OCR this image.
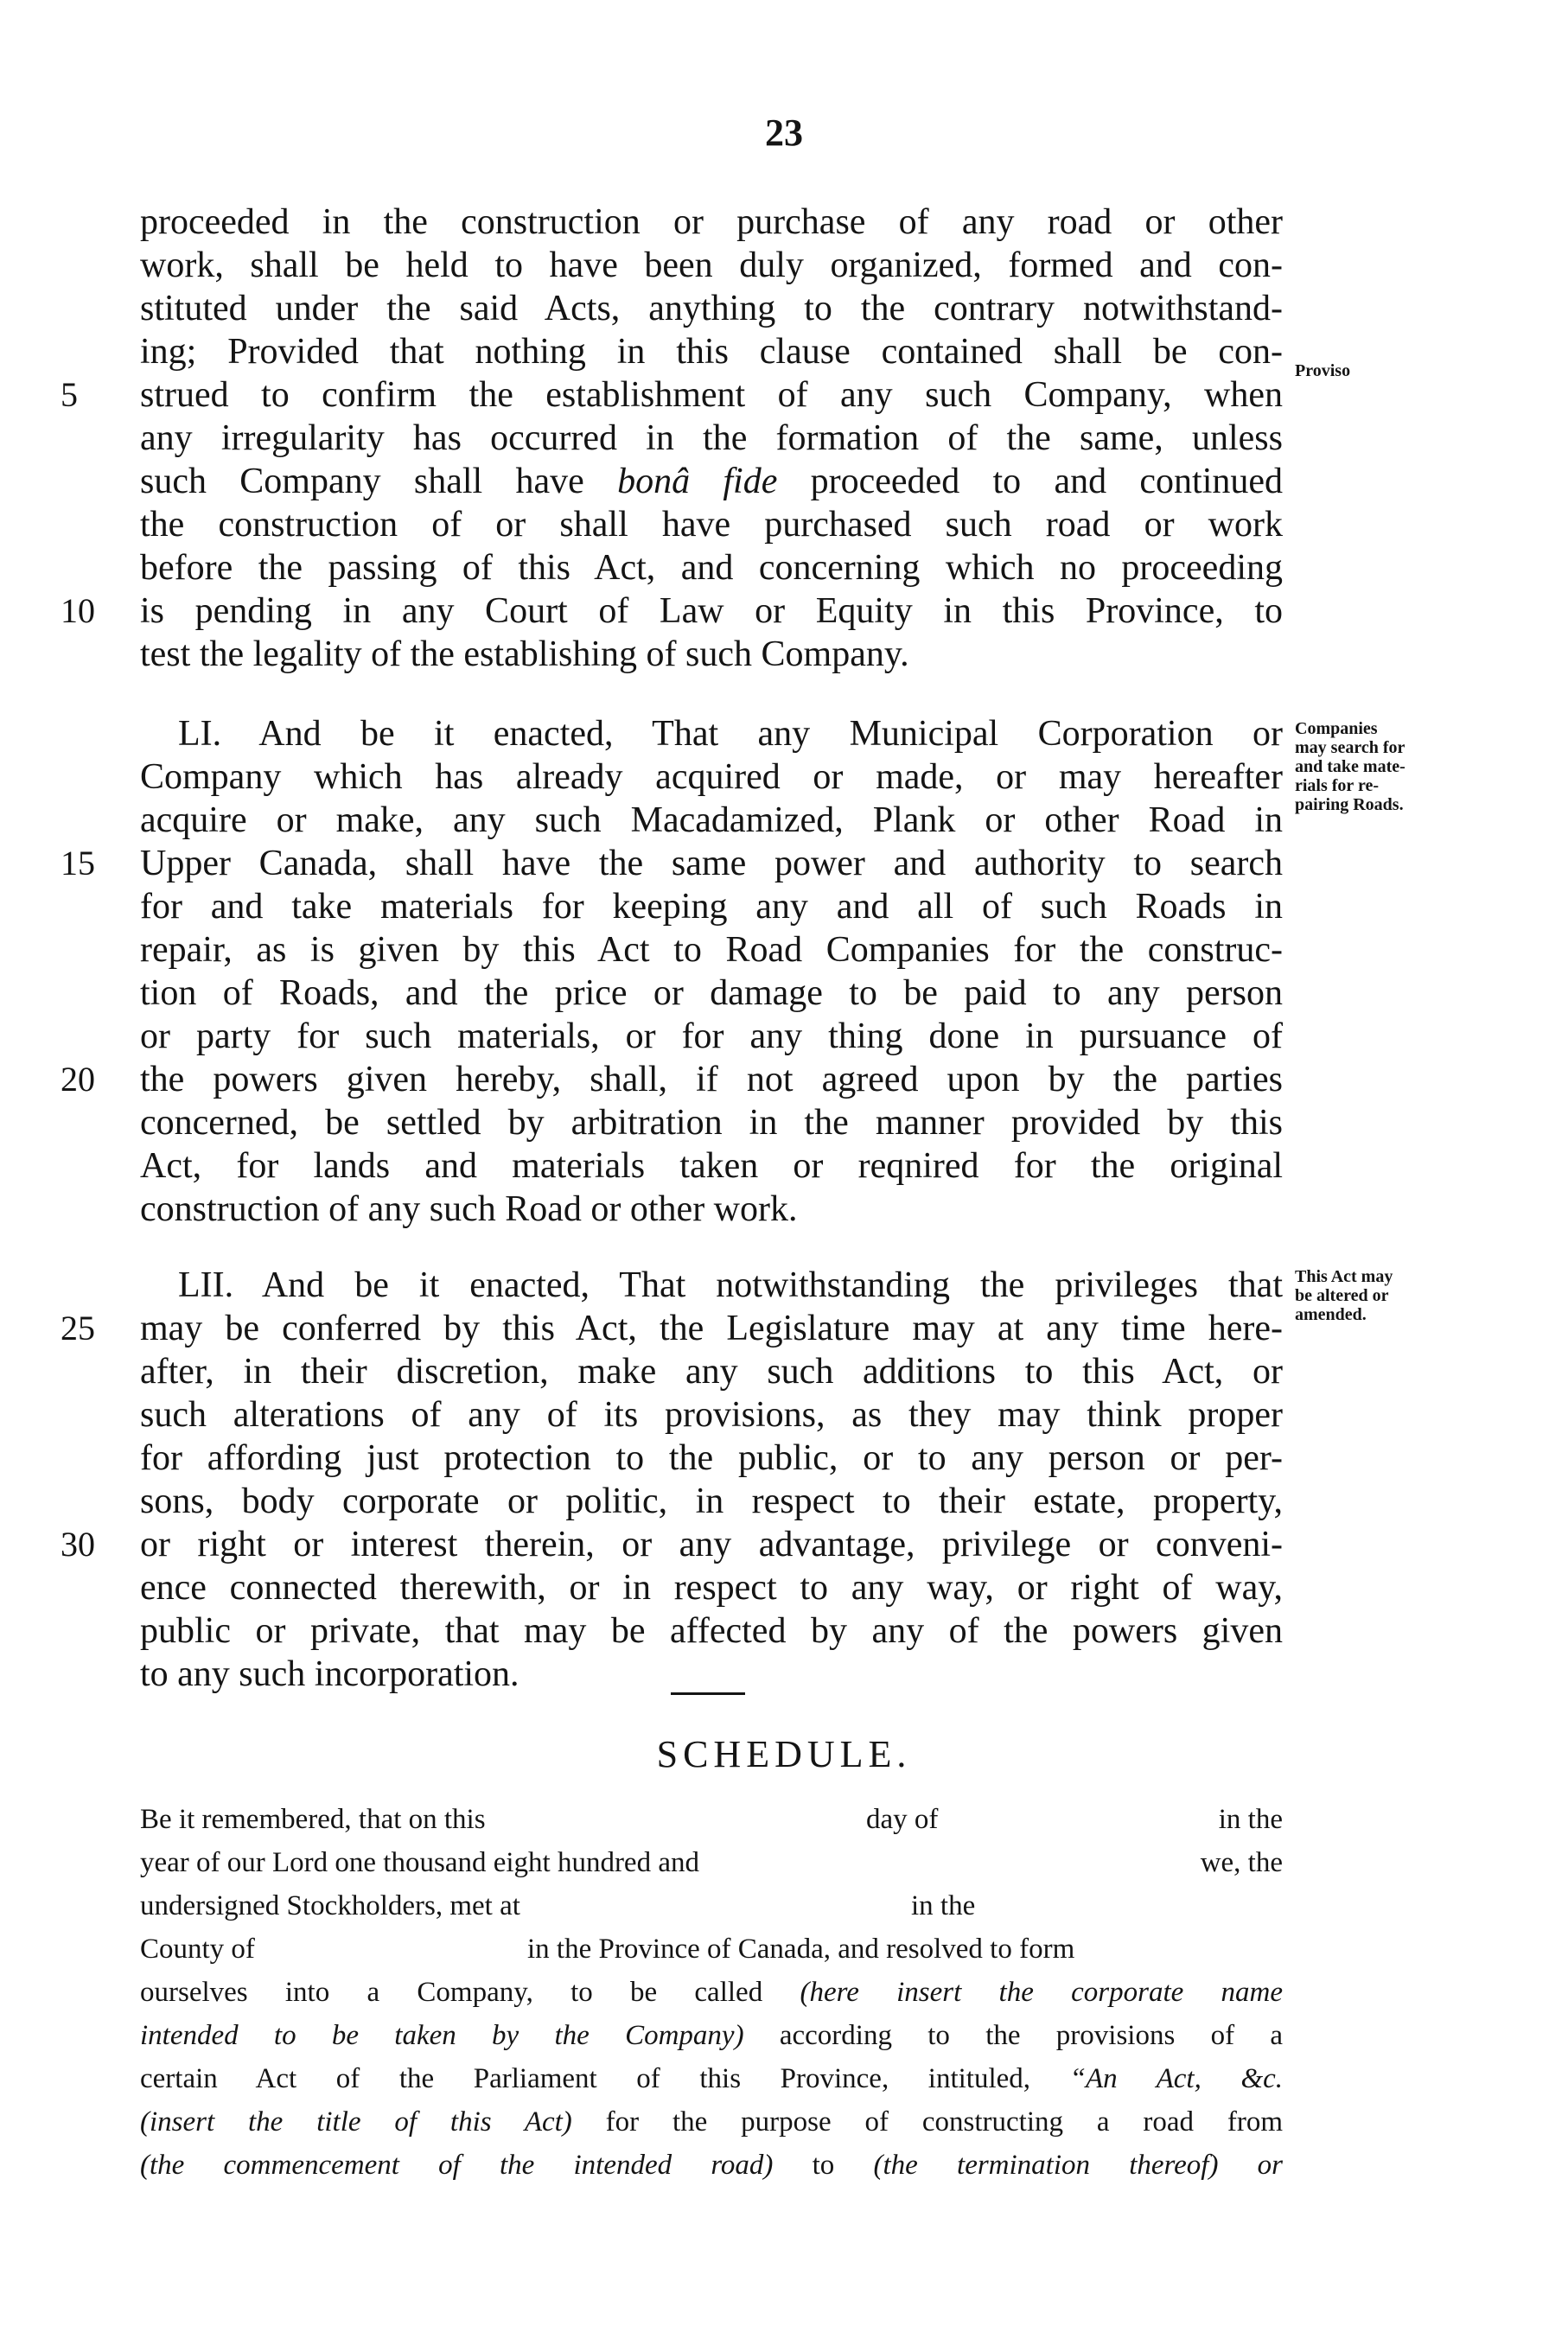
23
proceeded in the construction or purchase of any road or other
work, shall be held to have been duly organized, formed and con-
stituted under the said Acts, anything to the contrary notwithstand-
ing; Provided that nothing in this clause contained shall be con-
strued to confirm the establishment of any such Company, when
any irregularity has occurred in the formation of the same, unless
such Company shall have bonâ fide proceeded to and continued
the construction of or shall have purchased such road or work
before the passing of this Act, and concerning which no proceeding
is pending in any Court of Law or Equity in this Province, to
test the legality of the establishing of such Company.
Proviso
LI. And be it enacted, That any Municipal Corporation or
Company which has already acquired or made, or may hereafter
acquire or make, any such Macadamized, Plank or other Road in
Upper Canada, shall have the same power and authority to search
for and take materials for keeping any and all of such Roads in
repair, as is given by this Act to Road Companies for the construc-
tion of Roads, and the price or damage to be paid to any person
or party for such materials, or for any thing done in pursuance of
the powers given hereby, shall, if not agreed upon by the parties
concerned, be settled by arbitration in the manner provided by this
Act, for lands and materials taken or reqnired for the original
construction of any such Road or other work.
Companies
may search for
and take mate-
rials for re-
pairing Roads.
LII. And be it enacted, That notwithstanding the privileges that
may be conferred by this Act, the Legislature may at any time here-
after, in their discretion, make any such additions to this Act, or
such alterations of any of its provisions, as they may think proper
for affording just protection to the public, or to any person or per-
sons, body corporate or politic, in respect to their estate, property,
or right or interest therein, or any advantage, privilege or conveni-
ence connected therewith, or in respect to any way, or right of way,
public or private, that may be affected by any of the powers given
to any such incorporation.
This Act may
be altered or
amended.
5
10
15
20
25
30
SCHEDULE.
Be it remembered, that on this	day of	in the
year of our Lord one thousand eight hundred and	we, the
undersigned Stockholders, met at	in the
County of	in the Province of Canada, and resolved to form
ourselves into a Company, to be called (here insert the corporate name
intended to be taken by the Company) according to the provisions of a
certain Act of the Parliament of this Province, intituled, “An Act, &c.
(insert the title of this Act) for the purpose of constructing a road from
(the commencement of the intended road) to (the termination thereof) or
